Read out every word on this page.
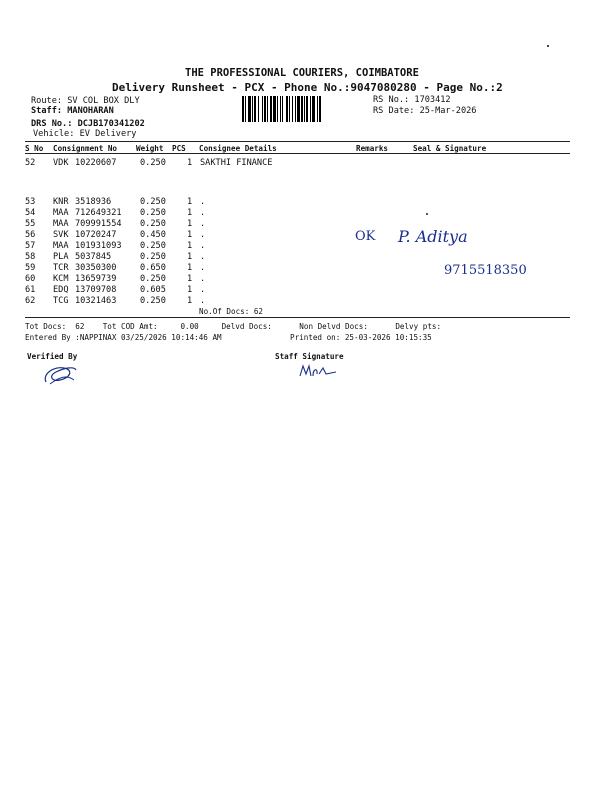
THE PROFESSIONAL COURIERS, COIMBATORE
Delivery Runsheet - PCX - Phone No.:9047080280 - Page No.:2
Route: SV COL BOX DLY
Staff: MANOHARAN
DRS No.: DCJB170341202
Vehicle: EV Delivery
RS No.: 1703412
RS Date: 25-Mar-2026
S No Consignment No Weight PCS Consignee Details	Remarks	Seal & Signature
52 VDK 10220607	0.250 1 SAKTHI FINANCE
53 KNR 3518936	0.250 1 .
54 MAA 712649321 0.250 1 .
55 MAA 709991554 0.250 1 .
56 SVK 10720247	0.450 1 .
57 MAA 101931093 0.250 1 .
58 PLA 5037845	0.250 1 .
59 TCR 30350300	0.650 1 .
60 KCM 13659739	0.250 1 .
61 EDQ 13709708	0.605 1 .
62 TCG 10321463	0.250 1 .
OK P. Aditya
9715518350
No.Of Docs: 62
Tot Docs:  62    Tot COD Amt:     0.00     Delvd Docs:      Non Delvd Docs:      Delvy pts:
Entered By :NAPPINAX 03/25/2026 10:14:46 AM	Printed on: 25-03-2026 10:15:35
Verified By	Staff Signature
